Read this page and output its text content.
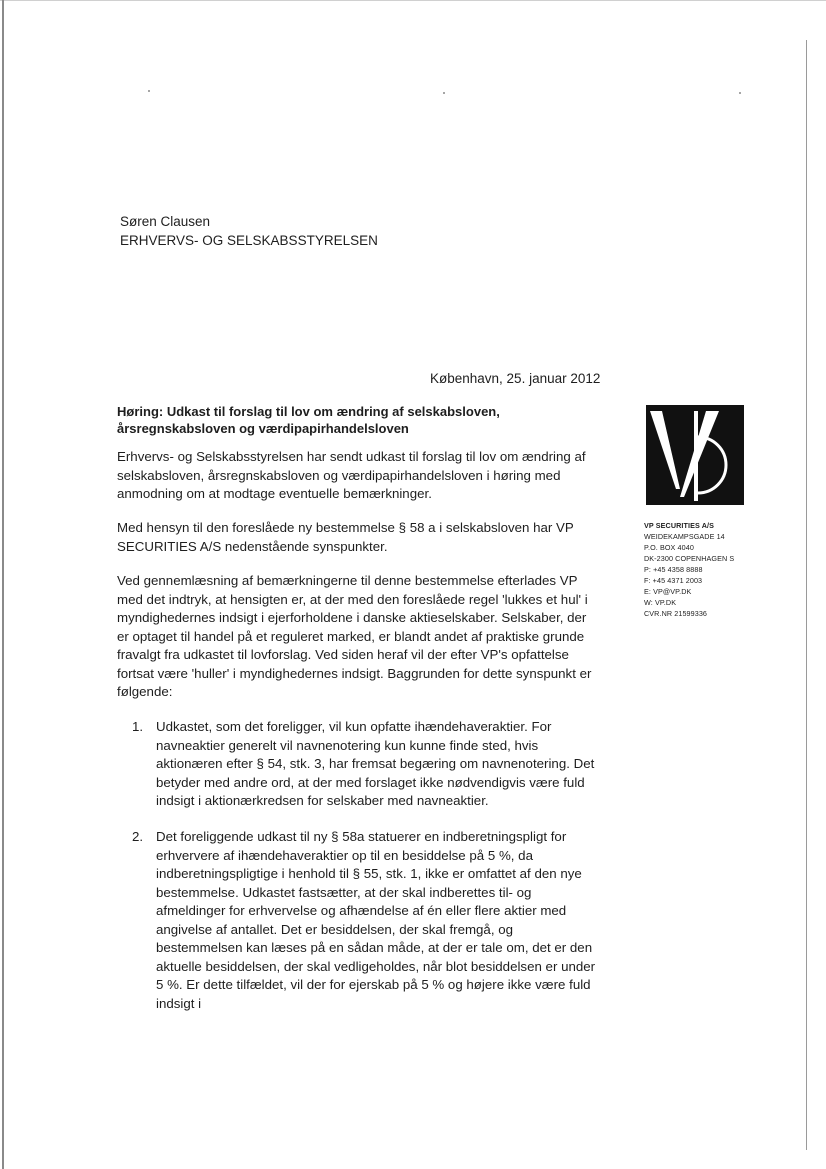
Søren Clausen
ERHVERVS- OG SELSKABSSTYRELSEN
København, 25. januar 2012
Høring: Udkast til forslag til lov om ændring af selskabsloven, årsregnskabsloven og værdipapirhandelsloven

Erhvervs- og Selskabsstyrelsen har sendt udkast til forslag til lov om ændring af selskabsloven, årsregnskabsloven og værdipapirhandelsloven i høring med anmodning om at modtage eventuelle bemærkninger.

Med hensyn til den foreslåede ny bestemmelse § 58 a i selskabsloven har VP SECURITIES A/S nedenstående synspunkter.

Ved gennemlæsning af bemærkningerne til denne bestemmelse efterlades VP med det indtryk, at hensigten er, at der med den foreslåede regel 'lukkes et hul' i myndighedernes indsigt i ejerforholdene i danske aktieselskaber. Selskaber, der er optaget til handel på et reguleret marked, er blandt andet af praktiske grunde fravalgt fra udkastet til lovforslag. Ved siden heraf vil der efter VP's opfattelse fortsat være 'huller' i myndighedernes indsigt. Baggrunden for dette synspunkt er følgende:

1. Udkastet, som det foreligger, vil kun opfatte ihændehaveraktier. For navneaktier generelt vil navnenotering kun kunne finde sted, hvis aktionæren efter § 54, stk. 3, har fremsat begæring om navnenotering. Det betyder med andre ord, at der med forslaget ikke nødvendigvis være fuld indsigt i aktionærkredsen for selskaber med navneaktier.
2. Det foreliggende udkast til ny § 58a statuerer en indberetningspligt for erhververe af ihændehaveraktier op til en besiddelse på 5 %, da indberetningspligtige i henhold til § 55, stk. 1, ikke er omfattet af den nye bestemmelse. Udkastet fastsætter, at der skal indberettes til- og afmeldinger for erhvervelse og afhændelse af én eller flere aktier med angivelse af antallet. Det er besiddelsen, der skal fremgå, og bestemmelsen kan læses på en sådan måde, at der er tale om, det er den aktuelle besiddelsen, der skal vedligeholdes, når blot besiddelsen er under 5 %. Er dette tilfældet, vil der for ejerskab på 5 % og højere ikke være fuld indsigt i
VP SECURITIES A/S
WEIDEKAMPSGADE 14
P.O. BOX 4040
DK-2300 COPENHAGEN S
P: +45 4358 8888
F: +45 4371 2003
E: VP@VP.DK
W: VP.DK
CVR.NR 21599336
